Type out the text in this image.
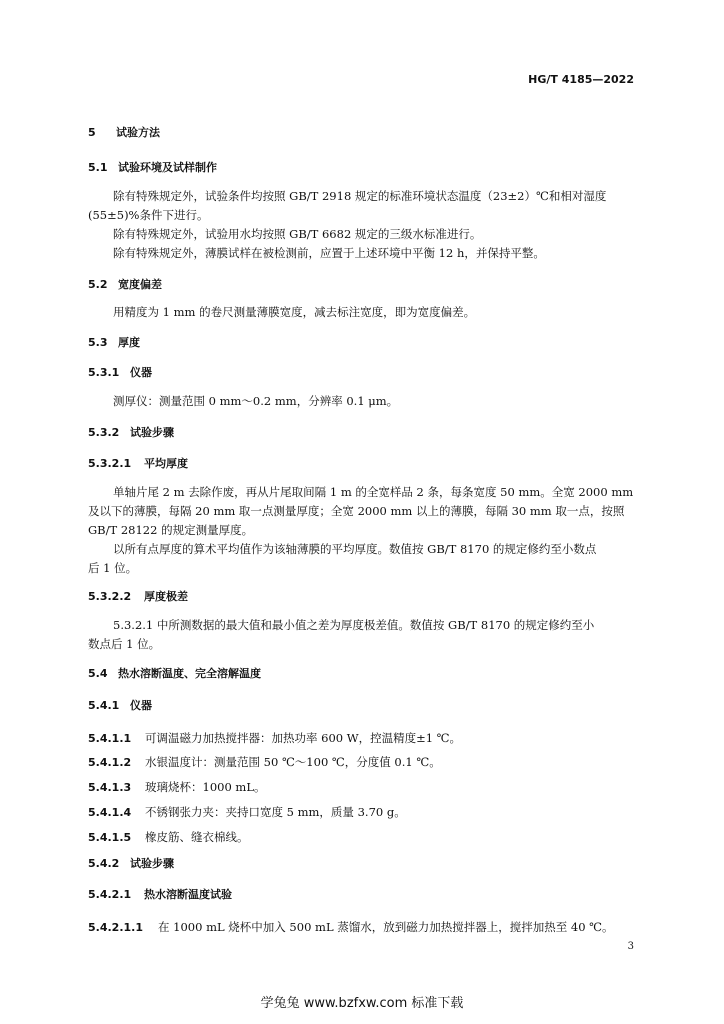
HG/T 4185—2022
5 试验方法
5.1 试验环境及试样制作
除有特殊规定外，试验条件均按照 GB/T 2918 规定的标准环境状态温度（23±2）℃和相对湿度
(55±5)%条件下进行。
除有特殊规定外，试验用水均按照 GB/T 6682 规定的三级水标准进行。
除有特殊规定外，薄膜试样在被检测前，应置于上述环境中平衡 12 h，并保持平整。
5.2 宽度偏差
用精度为 1 mm 的卷尺测量薄膜宽度，减去标注宽度，即为宽度偏差。
5.3 厚度
5.3.1 仪器
测厚仪：测量范围 0 mm～0.2 mm，分辨率 0.1 μm。
5.3.2 试验步骤
5.3.2.1 平均厚度
单轴片尾 2 m 去除作废，再从片尾取间隔 1 m 的全宽样品 2 条，每条宽度 50 mm。全宽 2000 mm
及以下的薄膜，每隔 20 mm 取一点测量厚度；全宽 2000 mm 以上的薄膜，每隔 30 mm 取一点，按照
GB/T 28122 的规定测量厚度。
以所有点厚度的算术平均值作为该轴薄膜的平均厚度。数值按 GB/T 8170 的规定修约至小数点
后 1 位。
5.3.2.2 厚度极差
5.3.2.1 中所测数据的最大值和最小值之差为厚度极差值。数值按 GB/T 8170 的规定修约至小
数点后 1 位。
5.4 热水溶断温度、完全溶解温度
5.4.1 仪器
5.4.1.1 可调温磁力加热搅拌器：加热功率 600 W，控温精度±1 ℃。
5.4.1.2 水银温度计：测量范围 50 ℃～100 ℃，分度值 0.1 ℃。
5.4.1.3 玻璃烧杯：1000 mL。
5.4.1.4 不锈钢张力夹：夹持口宽度 5 mm，质量 3.70 g。
5.4.1.5 橡皮筋、缝衣棉线。
5.4.2 试验步骤
5.4.2.1 热水溶断温度试验
5.4.2.1.1 在 1000 mL 烧杯中加入 500 mL 蒸馏水，放到磁力加热搅拌器上，搅拌加热至 40 ℃。
3
学兔兔 www.bzfxw.com 标准下载
